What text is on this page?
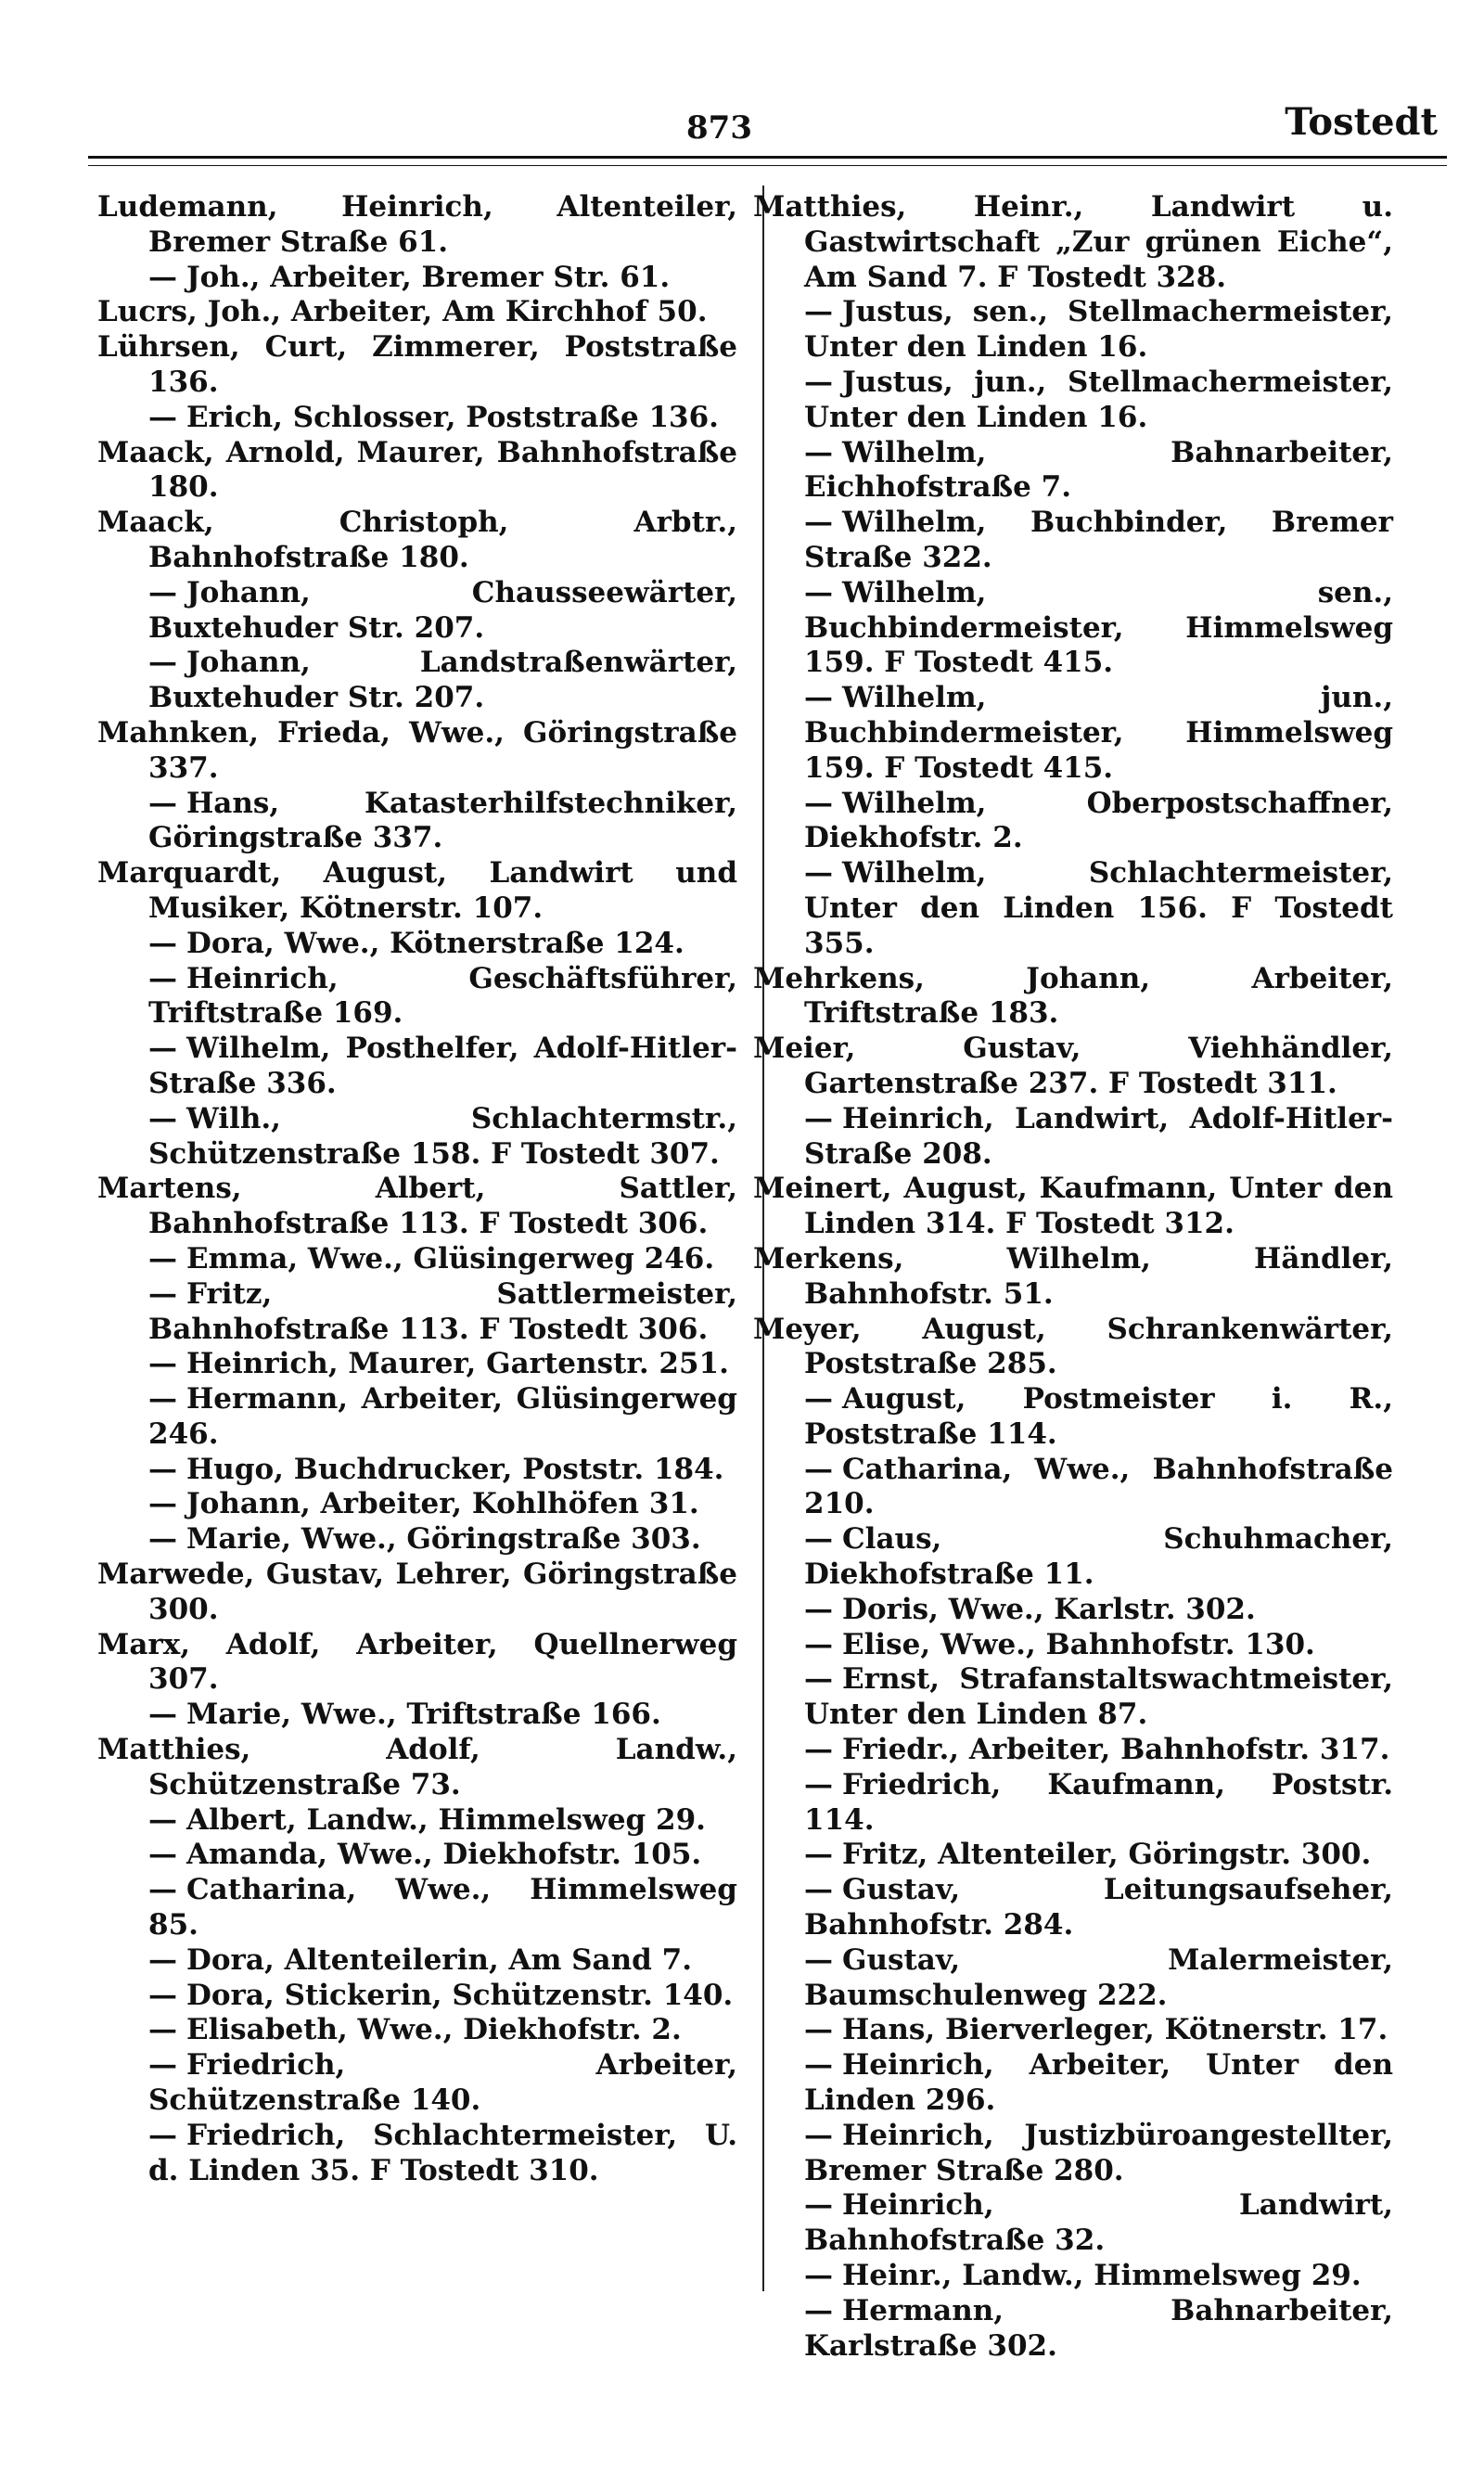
873	Tostedt

Ludemann, Heinrich, Altenteiler, Bremer Straße 61.

— Joh., Arbeiter, Bremer Str. 61.

Lucrs, Joh., Arbeiter, Am Kirchhof 50.

Lührsen, Curt, Zimmerer, Poststraße 136.

— Erich, Schlosser, Poststraße 136.

Maack, Arnold, Maurer, Bahnhofstraße 180.

Maack, Christoph, Arbtr., Bahnhofstraße 180.

— Johann, Chausseewärter, Buxtehuder Str. 207.

— Johann, Landstraßenwärter, Buxtehuder Str. 207.

Mahnken, Frieda, Wwe., Göringstraße 337.

— Hans, Katasterhilfstechniker, Göringstraße 337.

Marquardt, August, Landwirt und Musiker, Kötnerstr. 107.

— Dora, Wwe., Kötnerstraße 124.

— Heinrich, Geschäftsführer, Triftstraße 169.

— Wilhelm, Posthelfer, Adolf-Hitler-Straße 336.

— Wilh., Schlachtermstr., Schützenstraße 158. F Tostedt 307.

Martens, Albert, Sattler, Bahnhofstraße 113. F Tostedt 306.

— Emma, Wwe., Glüsingerweg 246.

— Fritz, Sattlermeister, Bahnhofstraße 113. F Tostedt 306.

— Heinrich, Maurer, Gartenstr. 251.

— Hermann, Arbeiter, Glüsingerweg 246.

— Hugo, Buchdrucker, Poststr. 184.

— Johann, Arbeiter, Kohlhöfen 31.

— Marie, Wwe., Göringstraße 303.

Marwede, Gustav, Lehrer, Göringstraße 300.

Marx, Adolf, Arbeiter, Quellnerweg 307.

— Marie, Wwe., Triftstraße 166.

Matthies, Adolf, Landw., Schützenstraße 73.

— Albert, Landw., Himmelsweg 29.

— Amanda, Wwe., Diekhofstr. 105.

— Catharina, Wwe., Himmelsweg 85.

— Dora, Altenteilerin, Am Sand 7.

— Dora, Stickerin, Schützenstr. 140.

— Elisabeth, Wwe., Diekhofstr. 2.

— Friedrich, Arbeiter, Schützenstraße 140.

— Friedrich, Schlachtermeister, U. d. Linden 35. F Tostedt 310.

Matthies, Heinr., Landwirt u. Gastwirtschaft „Zur grünen Eiche“, Am Sand 7. F Tostedt 328.

— Justus, sen., Stellmachermeister, Unter den Linden 16.

— Justus, jun., Stellmachermeister, Unter den Linden 16.

— Wilhelm, Bahnarbeiter, Eichhofstraße 7.

— Wilhelm, Buchbinder, Bremer Straße 322.

— Wilhelm, sen., Buchbindermeister, Himmelsweg 159. F Tostedt 415.

— Wilhelm, jun., Buchbindermeister, Himmelsweg 159. F Tostedt 415.

— Wilhelm, Oberpostschaffner, Diekhofstr. 2.

— Wilhelm, Schlachtermeister, Unter den Linden 156. F Tostedt 355.

Mehrkens, Johann, Arbeiter, Triftstraße 183.

Meier, Gustav, Viehhändler, Gartenstraße 237. F Tostedt 311.

— Heinrich, Landwirt, Adolf-Hitler-Straße 208.

Meinert, August, Kaufmann, Unter den Linden 314. F Tostedt 312.

Merkens, Wilhelm, Händler, Bahnhofstr. 51.

Meyer, August, Schrankenwärter, Poststraße 285.

— August, Postmeister i. R., Poststraße 114.

— Catharina, Wwe., Bahnhofstraße 210.

— Claus, Schuhmacher, Diekhofstraße 11.

— Doris, Wwe., Karlstr. 302.

— Elise, Wwe., Bahnhofstr. 130.

— Ernst, Strafanstaltswachtmeister, Unter den Linden 87.

— Friedr., Arbeiter, Bahnhofstr. 317.

— Friedrich, Kaufmann, Poststr. 114.

— Fritz, Altenteiler, Göringstr. 300.

— Gustav, Leitungsaufseher, Bahnhofstr. 284.

— Gustav, Malermeister, Baumschulenweg 222.

— Hans, Bierverleger, Kötnerstr. 17.

— Heinrich, Arbeiter, Unter den Linden 296.

— Heinrich, Justizbüroangestellter, Bremer Straße 280.

— Heinrich, Landwirt, Bahnhofstraße 32.

— Heinr., Landw., Himmelsweg 29.

— Hermann, Bahnarbeiter, Karlstraße 302.
